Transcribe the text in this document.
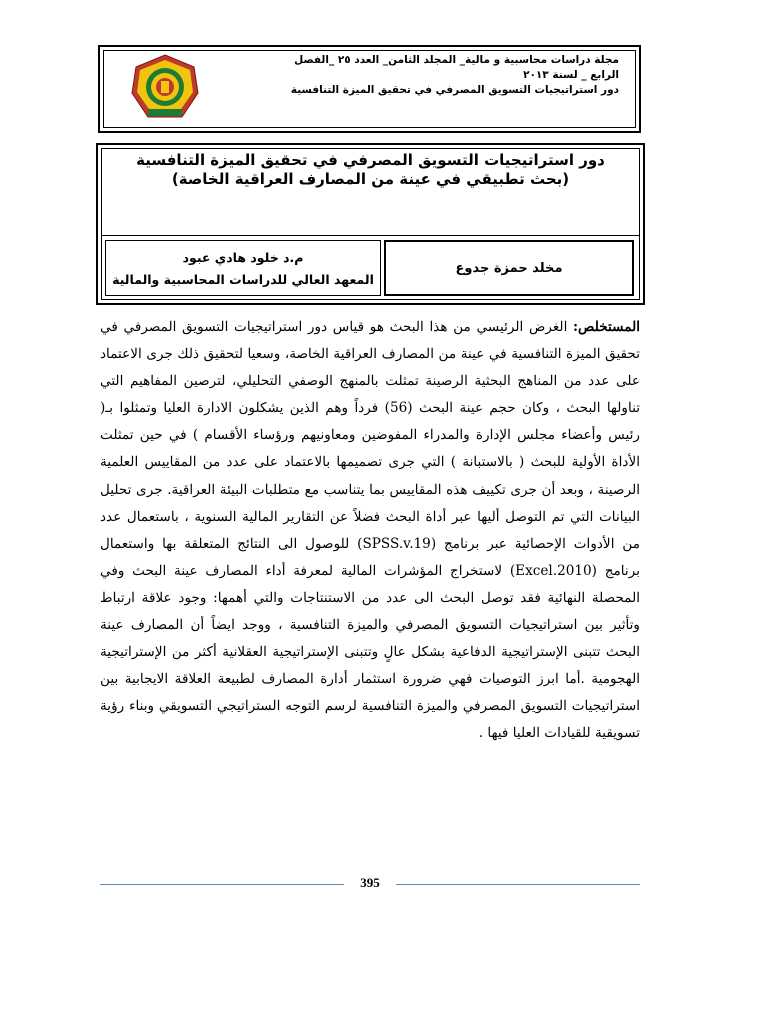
مجلة دراسات محاسبية و مالية_ المجلد الثامن_ العدد ٢٥ _الفصل
الرابع _ لسنة ٢٠١٣
دور استراتيجيات التسويق المصرفي في تحقيق الميزة التنافسية
دور استراتيجيات التسويق المصرفي في تحقيق الميزة التنافسية
(بحث تطبيقي في عينة من المصارف العراقية الخاصة)
مخلد حمزة جدوع
م.د خلود هادي عبود
المعهد العالي للدراسات المحاسبية والمالية

المستخلص: الغرض الرئيسي من هذا البحث هو قياس دور استراتيجيات التسويق المصرفي في تحقيق الميزة التنافسية في عينة من المصارف العراقية الخاصة، وسعيا لتحقيق ذلك جرى الاعتماد على عدد من المناهج البحثية الرصينة تمثلت بالمنهج الوصفي التحليلي، لترصين المفاهيم التي تناولها البحث ، وكان حجم عينة البحث (56) فرداً وهم الذين يشكلون الادارة العليا وتمثلوا بـ( رئيس وأعضاء مجلس الإدارة والمدراء المفوضين ومعاونيهم ورؤساء الأقسام ) في حين تمثلت الأداة الأولية للبحث ( بالاستبانة ) التي جرى تصميمها بالاعتماد على عدد من المقاييس العلمية الرصينة ، وبعد أن جرى تكييف هذه المقاييس بما يتناسب مع متطلبات البيئة العراقية. جرى تحليل البيانات التي تم التوصل أليها عبر أداة البحث فضلاً عن التقارير المالية السنوية ، باستعمال عدد من الأدوات الإحصائية عبر برنامج (SPSS.v.19) للوصول الى النتائج المتعلقة بها واستعمال برنامج (Excel.2010) لاستخراج المؤشرات المالية لمعرفة أداء المصارف عينة البحث وفي المحصلة النهائية فقد توصل البحث الى عدد من الاستنتاجات والتي أهمها: وجود علاقة ارتباط وتأثير بين استراتيجيات التسويق المصرفي والميزة التنافسية ، ووجد ايضاً أن المصارف عينة البحث تتبنى الإستراتيجية الدفاعية بشكل عالٍ وتتبنى الإستراتيجية العقلانية أكثر من الإستراتيجية الهجومية .أما ابرز التوصيات فهي ضرورة استثمار أدارة المصارف لطبيعة العلاقة الايجابية بين استراتيجيات التسويق المصرفي والميزة التنافسية لرسم التوجه الستراتيجي التسويقي وبناء رؤية تسويقية للقيادات العليا فيها .

395
